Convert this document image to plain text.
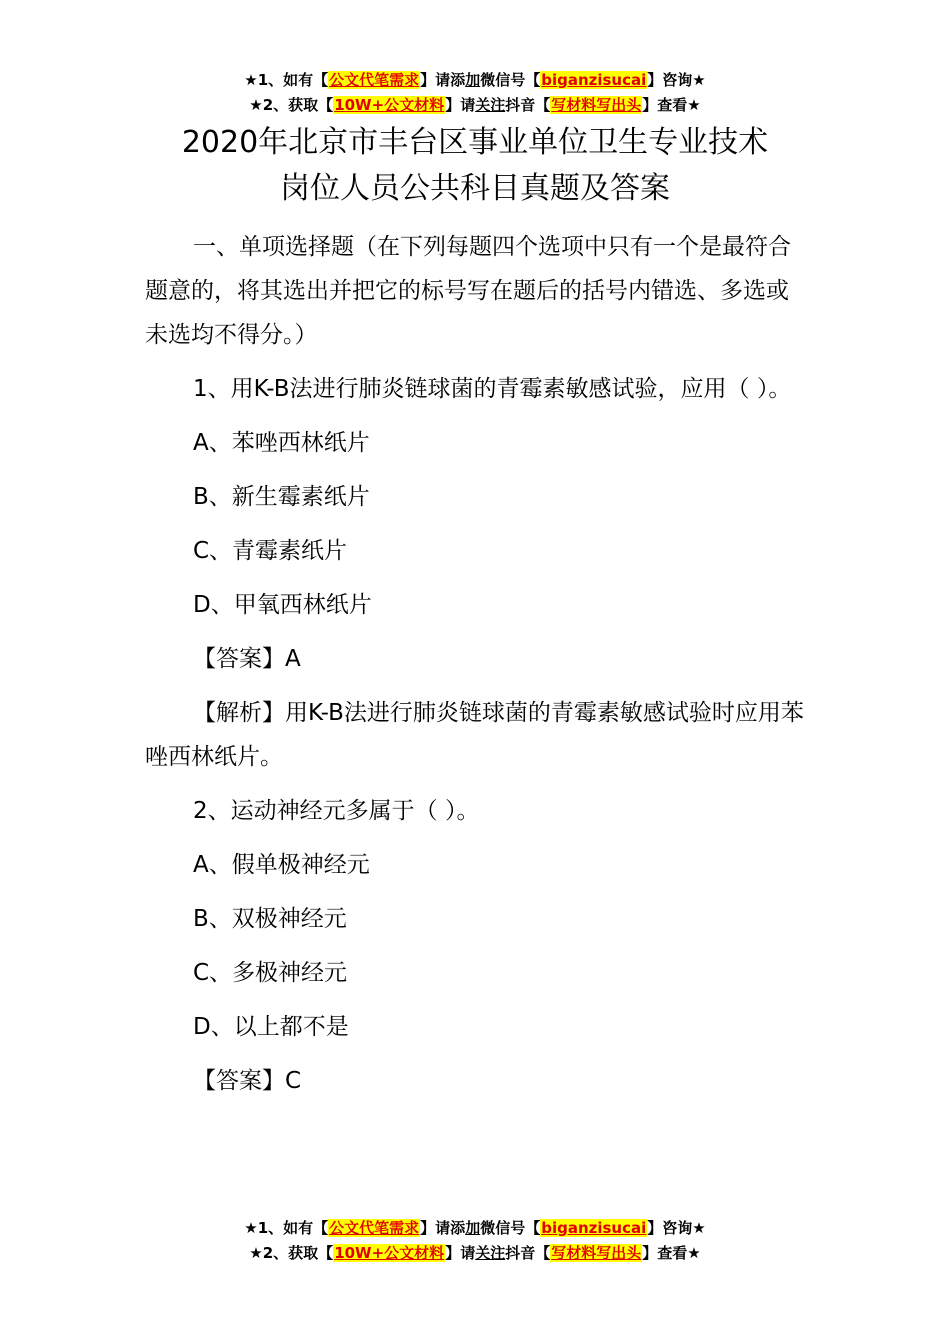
★1、如有【公文代笔需求】请添加微信号【biganzisucai】咨询★
★2、获取【10W+公文材料】请关注抖音【写材料写出头】查看★
2020年北京市丰台区事业单位卫生专业技术
岗位人员公共科目真题及答案

一、单项选择题（在下列每题四个选项中只有一个是最符合题意的，将其选出并把它的标号写在题后的括号内错选、多选或未选均不得分。）

1、用K-B法进行肺炎链球菌的青霉素敏感试验，应用（ ）。

A、苯唑西林纸片

B、新生霉素纸片

C、青霉素纸片

D、甲氧西林纸片

【答案】A

【解析】用K-B法进行肺炎链球菌的青霉素敏感试验时应用苯唑西林纸片。

2、运动神经元多属于（ ）。

A、假单极神经元

B、双极神经元

C、多极神经元

D、以上都不是

【答案】C

★1、如有【公文代笔需求】请添加微信号【biganzisucai】咨询★
★2、获取【10W+公文材料】请关注抖音【写材料写出头】查看★
